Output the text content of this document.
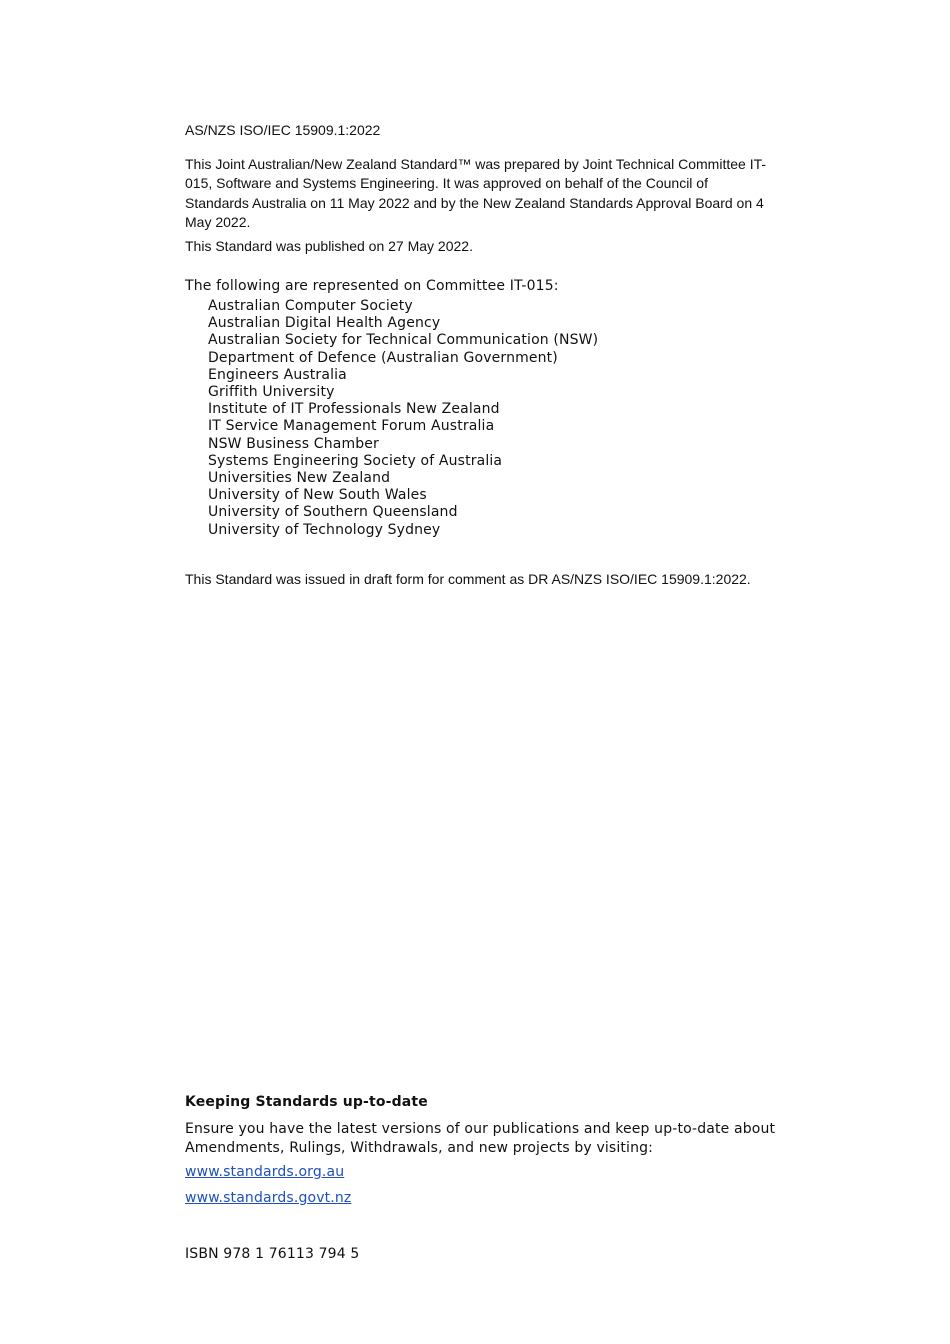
AS/NZS ISO/IEC 15909.1:2022
This Joint Australian/New Zealand Standard™ was prepared by Joint Technical Committee IT-015, Software and Systems Engineering. It was approved on behalf of the Council of Standards Australia on 11 May 2022 and by the New Zealand Standards Approval Board on 4 May 2022.
This Standard was published on 27 May 2022.
The following are represented on Committee IT-015:
Australian Computer Society
Australian Digital Health Agency
Australian Society for Technical Communication (NSW)
Department of Defence (Australian Government)
Engineers Australia
Griffith University
Institute of IT Professionals New Zealand
IT Service Management Forum Australia
NSW Business Chamber
Systems Engineering Society of Australia
Universities New Zealand
University of New South Wales
University of Southern Queensland
University of Technology Sydney
This Standard was issued in draft form for comment as DR AS/NZS ISO/IEC 15909.1:2022.
Keeping Standards up-to-date
Ensure you have the latest versions of our publications and keep up-to-date about Amendments, Rulings, Withdrawals, and new projects by visiting:
www.standards.org.au
www.standards.govt.nz
ISBN 978 1 76113 794 5
